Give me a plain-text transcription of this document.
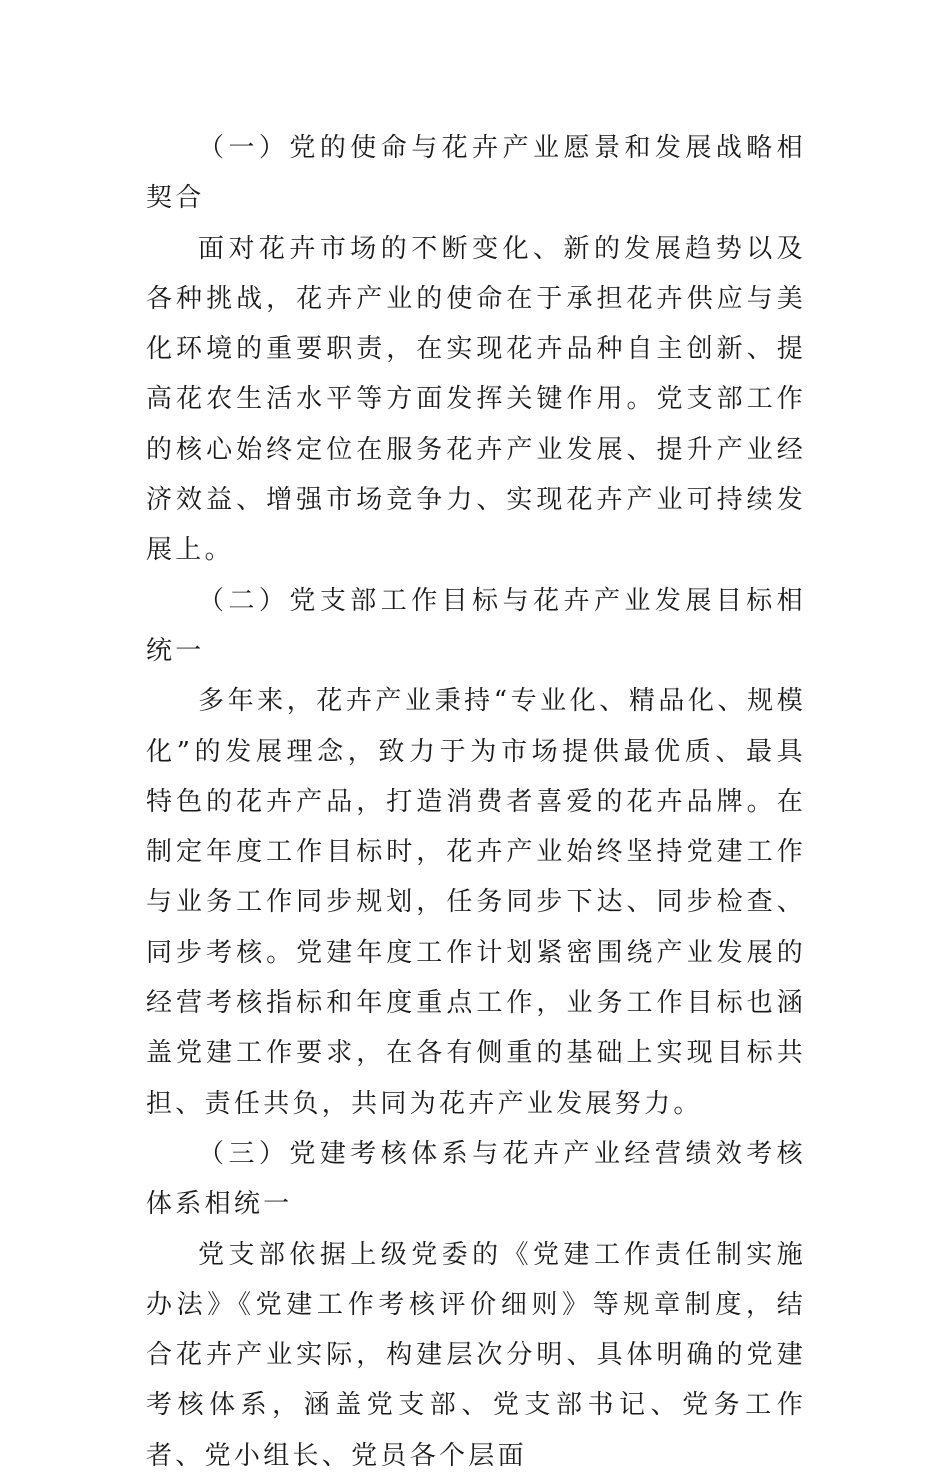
（一）党的使命与花卉产业愿景和发展战略相契合

面对花卉市场的不断变化、新的发展趋势以及各种挑战，花卉产业的使命在于承担花卉供应与美化环境的重要职责，在实现花卉品种自主创新、提高花农生活水平等方面发挥关键作用。党支部工作的核心始终定位在服务花卉产业发展、提升产业经济效益、增强市场竞争力、实现花卉产业可持续发展上。

（二）党支部工作目标与花卉产业发展目标相统一

多年来，花卉产业秉持“专业化、精品化、规模化”的发展理念，致力于为市场提供最优质、最具特色的花卉产品，打造消费者喜爱的花卉品牌。在制定年度工作目标时，花卉产业始终坚持党建工作与业务工作同步规划，任务同步下达、同步检查、同步考核。党建年度工作计划紧密围绕产业发展的经营考核指标和年度重点工作，业务工作目标也涵盖党建工作要求，在各有侧重的基础上实现目标共担、责任共负，共同为花卉产业发展努力。

（三）党建考核体系与花卉产业经营绩效考核体系相统一

党支部依据上级党委的《党建工作责任制实施办法》《党建工作考核评价细则》等规章制度，结合花卉产业实际，构建层次分明、具体明确的党建考核体系，涵盖党支部、党支部书记、党务工作者、党小组长、党员各个层面
